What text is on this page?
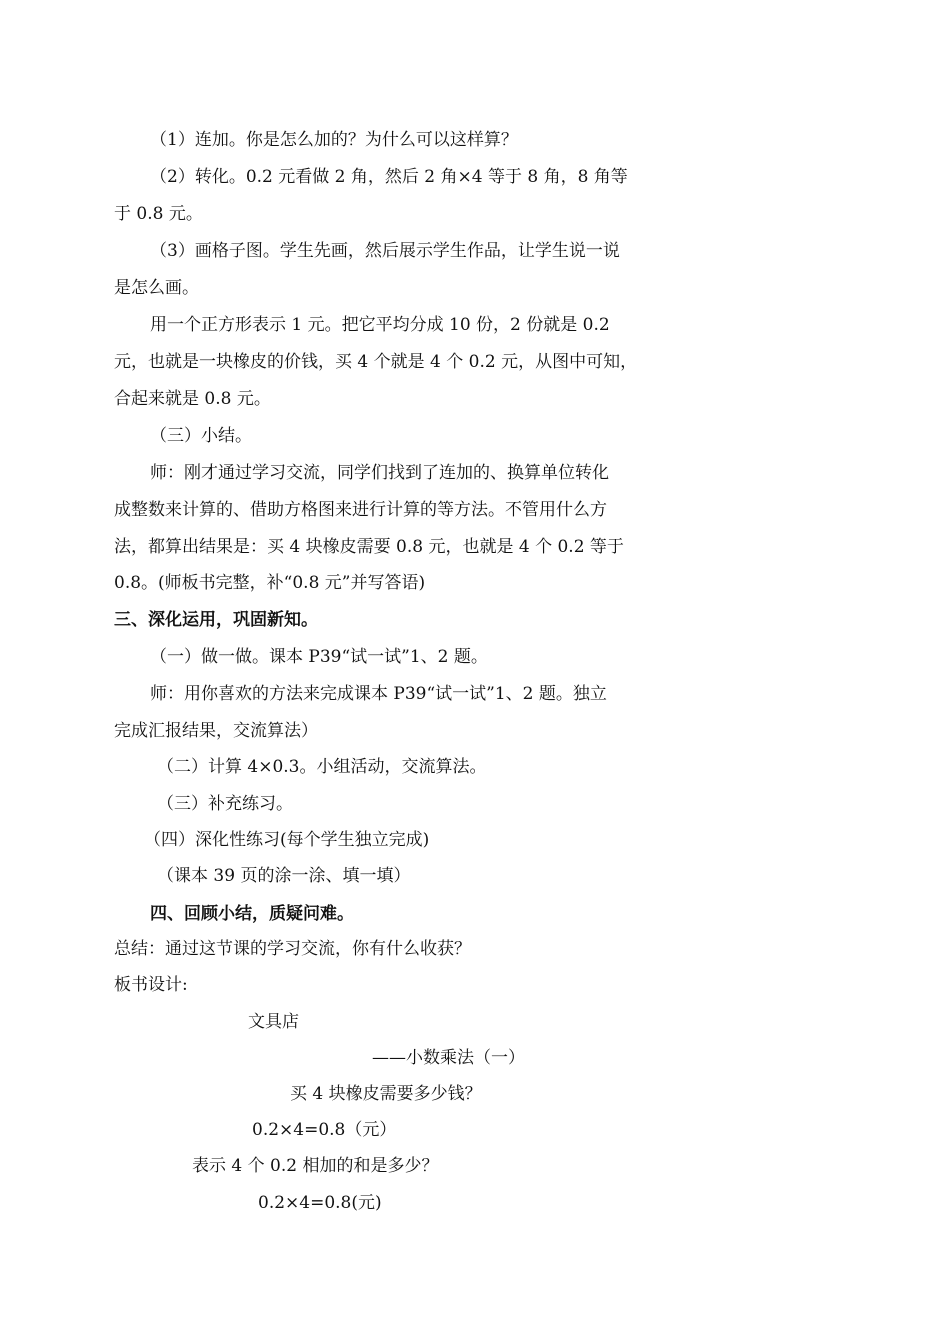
（1）连加。你是怎么加的？为什么可以这样算？
（2）转化。0.2 元看做 2 角，然后 2 角×4 等于 8 角，8 角等
于 0.8 元。
（3）画格子图。学生先画，然后展示学生作品，让学生说一说
是怎么画。
用一个正方形表示 1 元。把它平均分成 10 份，2 份就是 0.2
元，也就是一块橡皮的价钱，买 4 个就是 4 个 0.2 元，从图中可知，
合起来就是 0.8 元。
（三）小结。
师：刚才通过学习交流，同学们找到了连加的、换算单位转化
成整数来计算的、借助方格图来进行计算的等方法。不管用什么方
法，都算出结果是：买 4 块橡皮需要 0.8 元，也就是 4 个 0.2 等于
0.8。(师板书完整，补“0.8 元”并写答语)
三、深化运用，巩固新知。
（一）做一做。课本 P39“试一试”1、2 题。
师：用你喜欢的方法来完成课本 P39“试一试”1、2 题。独立
完成汇报结果，交流算法）
（二）计算 4×0.3。小组活动，交流算法。
（三）补充练习。
（四）深化性练习(每个学生独立完成)
（课本 39 页的涂一涂、填一填）
四、回顾小结，质疑问难。
总结：通过这节课的学习交流，你有什么收获？
板书设计:
文具店
——小数乘法（一）
买 4 块橡皮需要多少钱？
0.2×4=0.8（元）
表示 4 个 0.2 相加的和是多少？
0.2×4=0.8(元)
